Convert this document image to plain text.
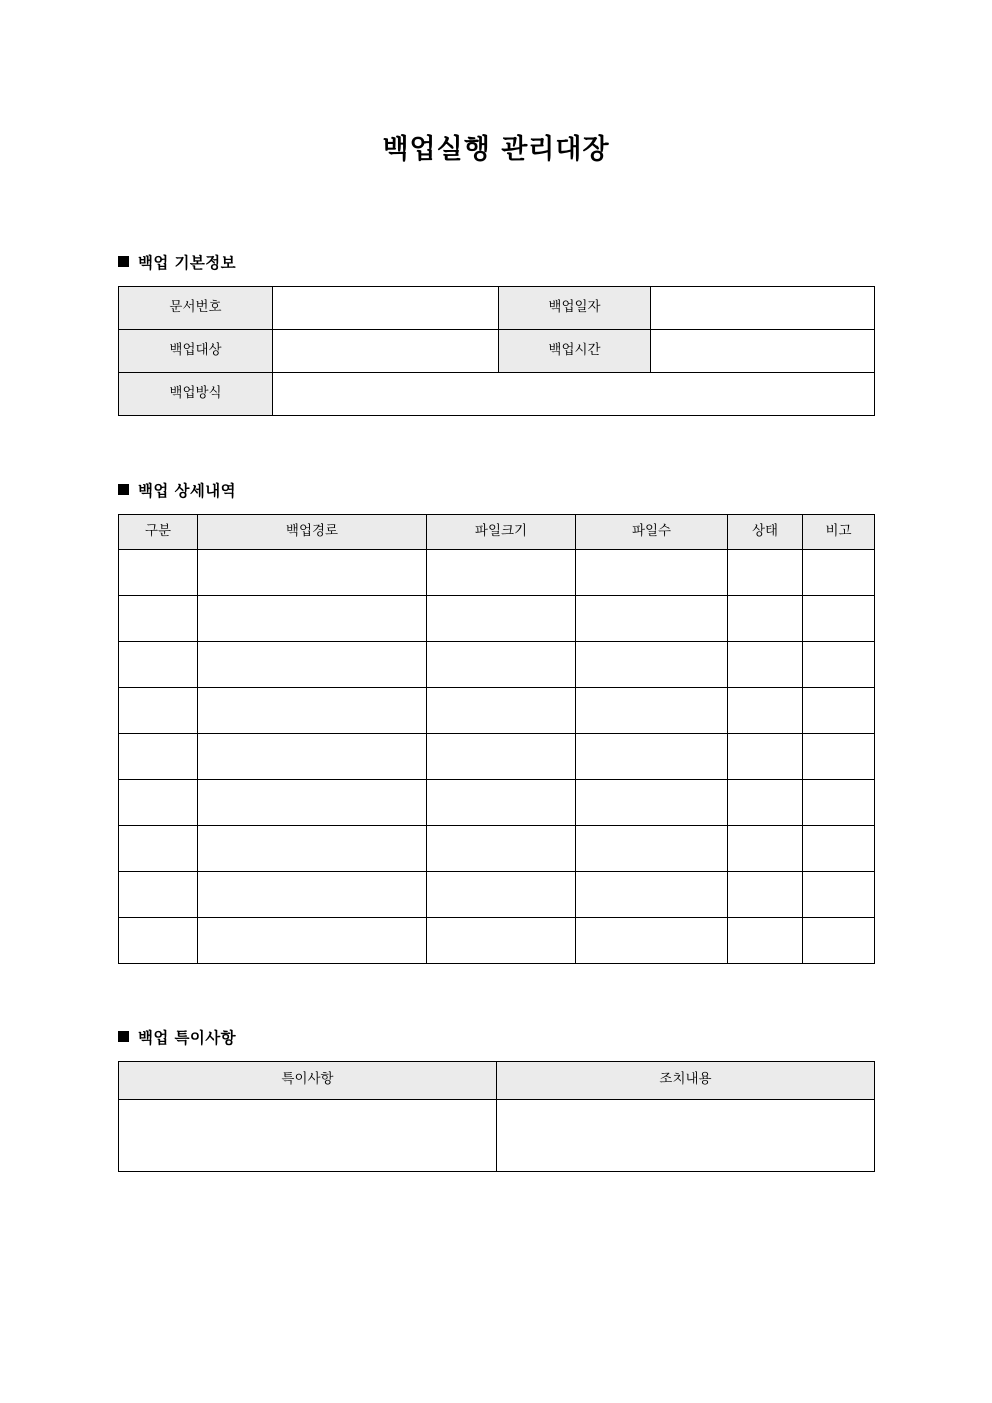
백업실행 관리대장
백업 기본정보
문서번호		백업일자	
백업대상		백업시간	
백업방식			
백업 상세내역
구분	백업경로	파일크기	파일수	상태	비고

백업 특이사항
특이사항	조치내용
